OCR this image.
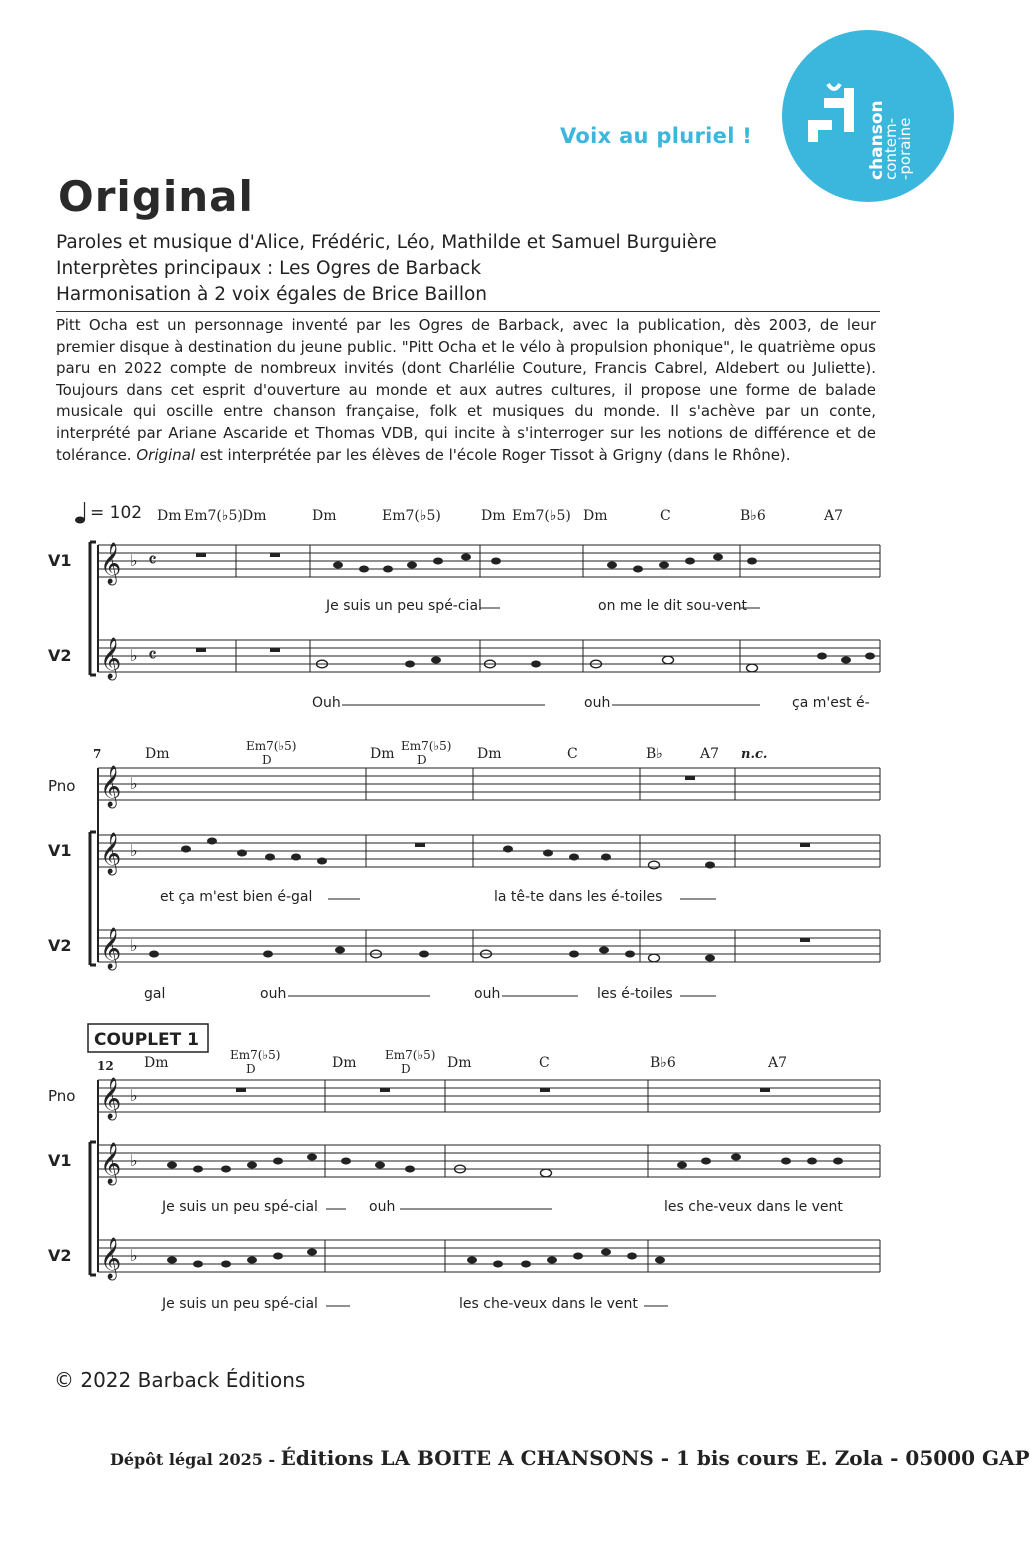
Voix au pluriel !	chanson
contem-
-poraine
Original
Paroles et musique d'Alice, Frédéric, Léo, Mathilde et Samuel Burguière
Interprètes principaux : Les Ogres de Barback
Harmonisation à 2 voix égales de Brice Baillon
Pitt Ocha est un personnage inventé par les Ogres de Barback, avec la publication, dès 2003, de leur premier disque à destination du jeune public. "Pitt Ocha et le vélo à propulsion phonique", le quatrième opus paru en 2022 compte de nombreux invités (dont Charlélie Couture, Francis Cabrel, Aldebert ou Juliette). Toujours dans cet esprit d'ouverture au monde et aux autres cultures, il propose une forme de balade musicale qui oscille entre chanson française, folk et musiques du monde. Il s'achève par un conte, interprété par Ariane Ascaride et Thomas VDB, qui incite à s'interroger sur les notions de différence et de tolérance. Original est interprétée par les élèves de l'école Roger Tissot à Grigny (dans le Rhône).
𝄞
𝄞
𝄞
𝄞
𝄞
𝄞
𝄞
𝄞
♭
♭
♭
♭
♭
♭
♭
♭
𝄴
𝄴
= 102 Dm Em7(♭5) Dm	Dm	Em7(♭5)	Dm Em7(♭5) Dm	C	B♭6	A7
V1
V2
V1
V2
V1
V2
Pno
Pno
Je suis un peu spé-cial	on me le dit sou-vent
Ouh	ouh	ça m'est é-
7	Dm	Em7(♭5)
D	Dm Em7(♭5)
D	Dm	C	B♭	A7 n.c.
et ça m'est bien é-gal	la tê-te dans les é-toiles
gal	ouh	ouh	les é-toiles
COUPLET 1
12 Dm	Em7(♭5)
D	Dm Em7(♭5)
D	Dm	C	B♭6	A7
Je suis un peu spé-cial	ouh	les che-veux dans le vent
Je suis un peu spé-cial	les che-veux dans le vent
© 2022 Barback Éditions
Dépôt légal 2025 - Éditions LA BOITE A CHANSONS - 1 bis cours E. Zola - 05000 GAP
